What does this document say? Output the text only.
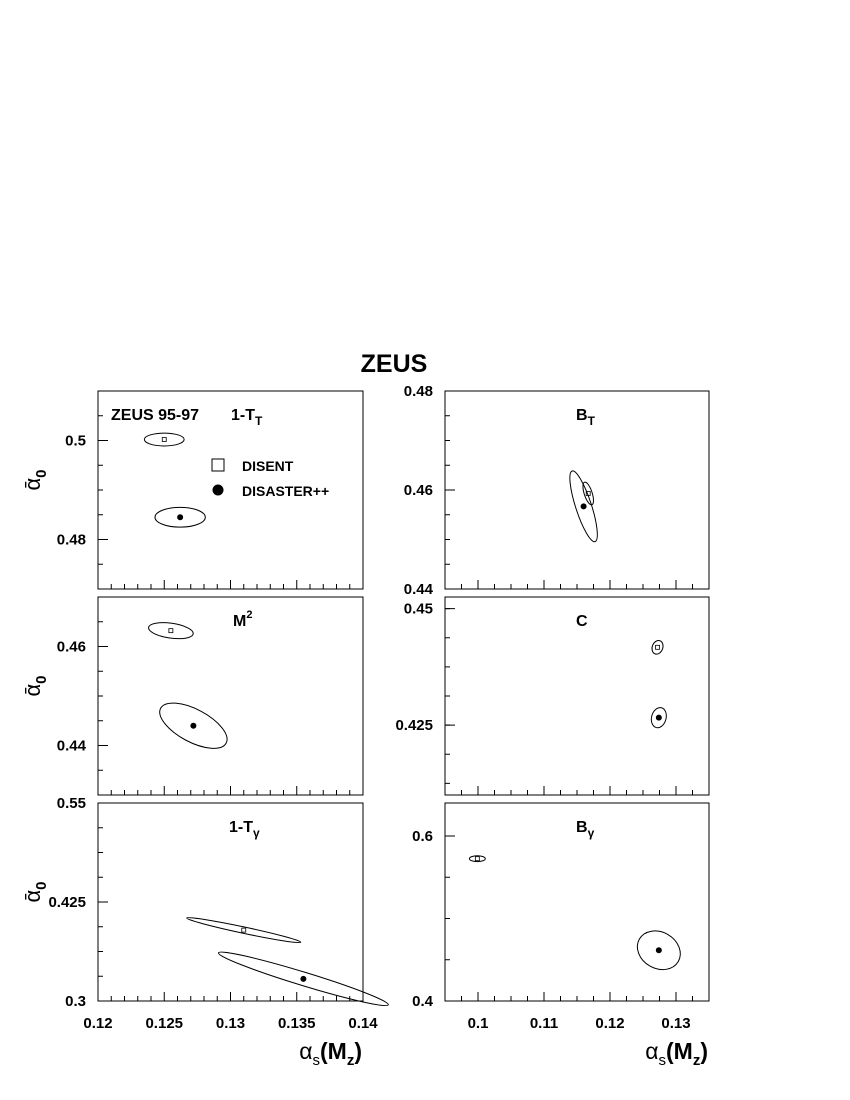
ZEUS
0.48
0.5
ᾱ$_0$
$1-T_T$
ZEUS 95-97
DISENT
DISASTER++
0.44
0.46
0.48
$B_T$
0.44
0.46
ᾱ$_0$
$M^2$
0.425
0.45
C
0.3
0.425
0.55
0.12 0.125 0.13 0.135 0.14
ᾱ$_0$
$\alpha_s(M_z)$
$1-T_\gamma$
0.4
0.6
0.1	0.11 0.12 0.13
$\alpha_s(M_z)$
$B_\gamma$
